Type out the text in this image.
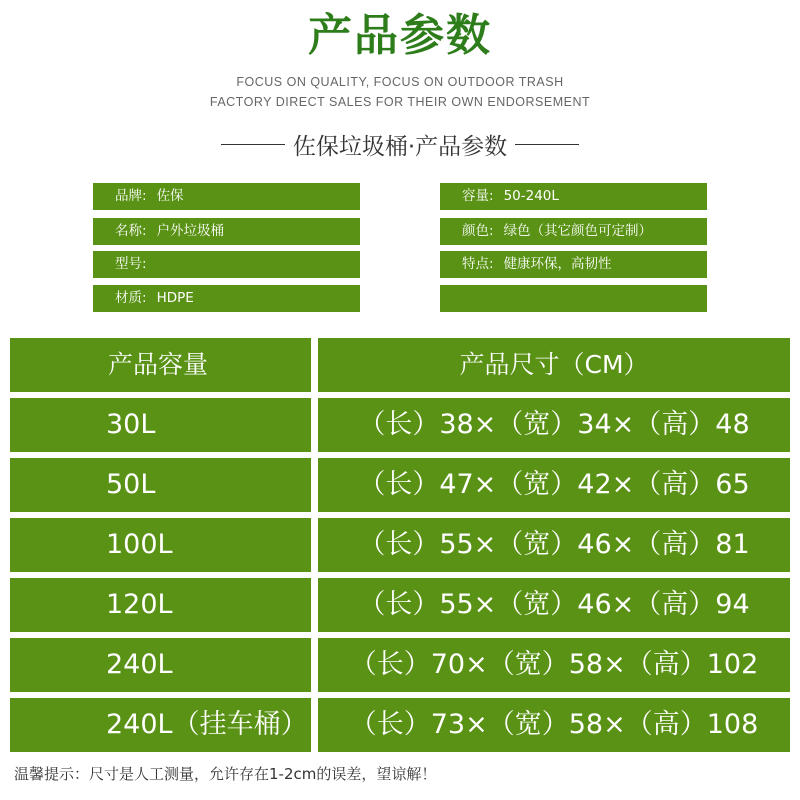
产品参数
FOCUS ON QUALITY, FOCUS ON OUTDOOR TRASH
FACTORY DIRECT SALES FOR THEIR OWN ENDORSEMENT
佐保垃圾桶·产品参数
品牌: 佐保
名称: 户外垃圾桶
型号:
材质: HDPE
容量: 50-240L
颜色: 绿色（其它颜色可定制）
特点: 健康环保，高韧性
产品容量	产品尺寸（CM）
30L	（长）38×（宽）34×（高）48
50L	（长）47×（宽）42×（高）65
100L	（长）55×（宽）46×（高）81
120L	（长）55×（宽）46×（高）94
240L	（长）70×（宽）58×（高）102
240L（挂车桶）	（长）73×（宽）58×（高）108
温馨提示：尺寸是人工测量，允许存在1-2cm的误差，望谅解！
